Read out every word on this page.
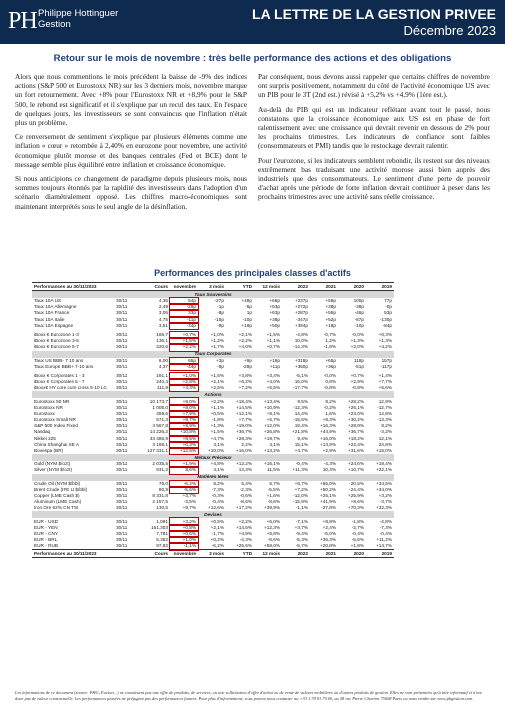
PH Philippe Hottinguer
Gestion
LA LETTRE DE LA GESTION PRIVEE
Décembre 2023
Retour sur le mois de novembre : très belle performance des actions et des obligations

Alors que nous commentions le mois précédent la baisse de -9% des indices actions (S&P 500 et Eurostoxx NR) sur les 3 derniers mois, novembre marque un fort retournement. Avec +8% pour l'Eurostoxx NR et +8,9% pour le S&P 500, le rebond est significatif et il s'explique par un recul des taux. En l'espace de quelques jours, les investisseurs se sont convaincus que l'inflation n'était plus un problème.

Ce renversement de sentiment s'explique par plusieurs éléments comme une inflation « cœur » retombée à 2,40% en eurozone pour novembre, une activité économique plutôt morose et des banques centrales (Fed et BCE) dont le message semble plus équilibré entre inflation et croissance économique.

Si nous anticipions ce changement de paradigme depuis plusieurs mois, nous sommes toujours étonnés par la rapidité des investisseurs dans l'adoption d'un scénario diamétralement opposé. Les chiffres macro-économiques sont maintenant interprétés sous le seul angle de la désinflation.

Par conséquent, nous devons aussi rappeler que certains chiffres de novembre ont surpris positivement, notamment du côté de l'activité économique US avec un PIB pour le 3T (2nd est.) révisé à +5,2% vs +4,9% (1ère est.).

Au-delà du PIB qui est un indicateur reflétant avant tout le passé, nous constatons que la croissance économique aux US est en phase de fort ralentissement avec une croissance qui devrait revenir en dessous de 2% pour les prochains trimestres. Les indicateurs de confiance sont faibles (consommateurs et PMI) tandis que le restockage devrait ralentir.

Pour l'eurozone, si les indicateurs semblent rebondir, ils restent sur des niveaux extrêmement bas traduisant une activité morose aussi bien auprès des industriels que des consommateurs. Le sentiment d'une perte de pouvoir d'achat après une période de forte inflation devrait continuer à peser dans les prochains trimestres avec une activité sans réelle croissance.

Performances des principales classes d'actifs
Performances au 30/11/2023		Cours	novembre	3 mois	YTD	12 mois	2022	2021	2020	2019
Taux Souverains										
Taux 10A US	30/11	4,36	54p	-27p	+48p	+66p	+237p	+59p	100p	77p
Taux 10A Allemagne	30/11	2,49	-29p	-1p	-5p	+53p	+272p	+38p	-39p	-0p
Taux 10A France	30/11	3,06	33p	-8p	1p	+63p	+287p	+55p	-46p	53p
Taux 10A Italie	30/11	4,75	-11p	-15p	-10p	+38p	-347p	+52p	-87p	-130p
Taux 10A Espagne	30/11	3,51	-34p	-9p	+19p	+50p	+394p	+18p	-10p	-84p

iBoxx € Eurozone 1-3	30/11	166,7	+0,7%	+1,0%	+2,1%	+1,5%	-4,8%	-0,7%	-0,0%	+0,3%
iBoxx € Eurozone 3-5	30/11	136,1	+1,5%	+1,2%	+2,2%	+1,1%	10,0%	1,2%	+1,3%	+1,3%
iBoxx € Eurozone 5-7	30/11	220,6	+2,2%	+1,7%	+4,0%	+0,7%	-14,3%	-1,8%	+2,0%	+4,2%
Taux Corporates										
Taux US BBB- 7 10 ans	30/11	6,00	65p	+3p	+9p	+19p	+318p	+65p	118p	157p
Taux Europe BBB+ 7-10 ans	30/11	4,37	-44p	-9p	-29p	+11p	+350p	+36p	-51p	-117p

iBoxx € Corporates 1 - 3	30/11	191,1	+1,0%	+1,5%	+3,8%	+3,4%	-5,1%	-0,0%	+0,7%	+1,4%
iBoxx € Corporates 5 - 7	30/11	240,4	+2,8%	+2,1%	+6,2%	+4,0%	16,0%	0,8%	+2,9%	+7,7%
iBoxx€ HY core cum cross 5-10 LC	30/11	111,9	+4,3%	+2,5%	+7,2%	+5,5%	-17,7%	-0,8%	-0,8%	+6,6%
Actions										
Eurostoxx 50 NR	30/11	10 173,7	+8,0%	+2,2%	+18,4%	+13,4%	9,5%	8,2%	+28,2%	12,9%
Eurostoxx NR	30/11	1 005,0	+8,0%	+1,1%	+14,5%	+10,9%	-12,3%	-0,2%	+26,1%	-12,7%
Eurostoxx	30/11	459,6	+7,9%	+0,5%	+12,1%	+8,1%	14,4%	1,6%	+23,0%	14,8%
Eurostoxx Small NR	30/11	571,3	+8,7%	-1,8%	+7,7%	+5,7%	-15,5%	+8,3%	+30,2%	-13,3%
S&P 500 Index Fixed	30/11	4 567,8	+8,9%	+1,3%	+19,0%	+12,0%	19,4%	+16,3%	+28,9%	8,2%
Nasdaq	30/11	14 226,2	+10,8%	+1,5%	+36,7%	+26,8%	+21,8%	+44,9%	+36,7%	-3,2%
Nikkei 225	30/11	33 486,9	+8,5%	+4,7%	+28,3%	+19,7%	9,4%	+16,0%	+18,2%	12,1%
China Shanghai SE A	30/11	3 168,1	+0,3%	3,1%	2,2%	4,1%	15,1%	+13,9%	+22,4%	24,8%
Bovespa (BR)	30/11	127 331,1	+12,5%	+10,0%	+16,0%	+13,2%	+4,7%	+2,9%	+31,6%	+15,0%
Métaux Précieux										
Gold (NYM $/ozt)	30/11	2 035,5	+1,9%	+4,8%	+12,2%	+16,1%	-0,4%	-4,3%	+24,6%	+18,4%
Silver (NYM $/ozt)	30/11	931,2	8,6%	4,1%	13,3%	11,5%	+11,3%	10,3%	+10,7%	+22,1%
Matières Ières										
Crude Oil (NYM $/bbl)	30/11	76,0	-6,2%	8,2%	5,4%	5,7%	+6,7%	+55,0%	-20,5%	+34,5%
Brent Crude (IFE U $/bbl)	30/11	80,9	-5,6%	-7,3%	-2,3%	-5,5%	+7,2%	+50,2%	-24,4%	+34,0%
Copper (LME Cash $)	30/11	8 331,8	+3,7%	-0,3%	-0,6%	+1,6%	-12,0%	+25,1%	+25,9%	+3,2%
Aluminum (LME Cash)	30/11	2 157,5	-3,5%	-0,4%	-8,6%	-8,6%	-15,9%	+41,9%	+8,6%	-3,7%
Iron Ore 62% CN TSI	30/11	130,5	+9,7%	+12,6%	+17,2%	+39,9%	-1,1%	-27,8%	+70,3%	+32,3%
Devises										
EUR - USD	30/11	1,091	+3,2%	+0,5%	+2,2%	+6,0%	-7,1%	+8,8%	-1,8%	-4,8%
EUR - YEN	30/11	161,303	+0,8%	+2,1%	+14,5%	+12,3%	+3,7%	+2,4%	-2,7%	-7,3%
EUR - CNY	30/11	7,781	+0,6%	-1,7%	+4,9%	+5,8%	-9,4%	-5,0%	-0,4%	-0,4%
EUR - BRL	30/11	5,362	+1,0%	+0,2%	-4,3%	-8,6%	-5,3%	+36,3%	-5,6%	+11,2%
EUR - RUB	30/11	97,82	-1,1%	-6,2%	+25,6%	+58,0%	-5,7%	+20,8%	+1,8%	+14,7%
Performances au 30/11/2023		Cours	novembre	3 mois	YTD	12 mois	2022	2021	2020	2019
Les informations de ce document (source: PHG, Factset...) ne constituent pas une offre de produits, de services, ou une sollicitation d'offre d'achat ou de vente de valeurs mobilières ou d'autres produits de gestion. Elles ne sont présentées qu'à titre informatif et n'ont donc pas de valeur contractuelle. Les performances passées ne préjugent pas des performances futures. Pour plus d'informations, vous pouvez nous contacter au +33 1.78.91.79.00, au 58 rue Pierre Charron 75008 Paris ou nous rendre sur www.phgestion.com.
